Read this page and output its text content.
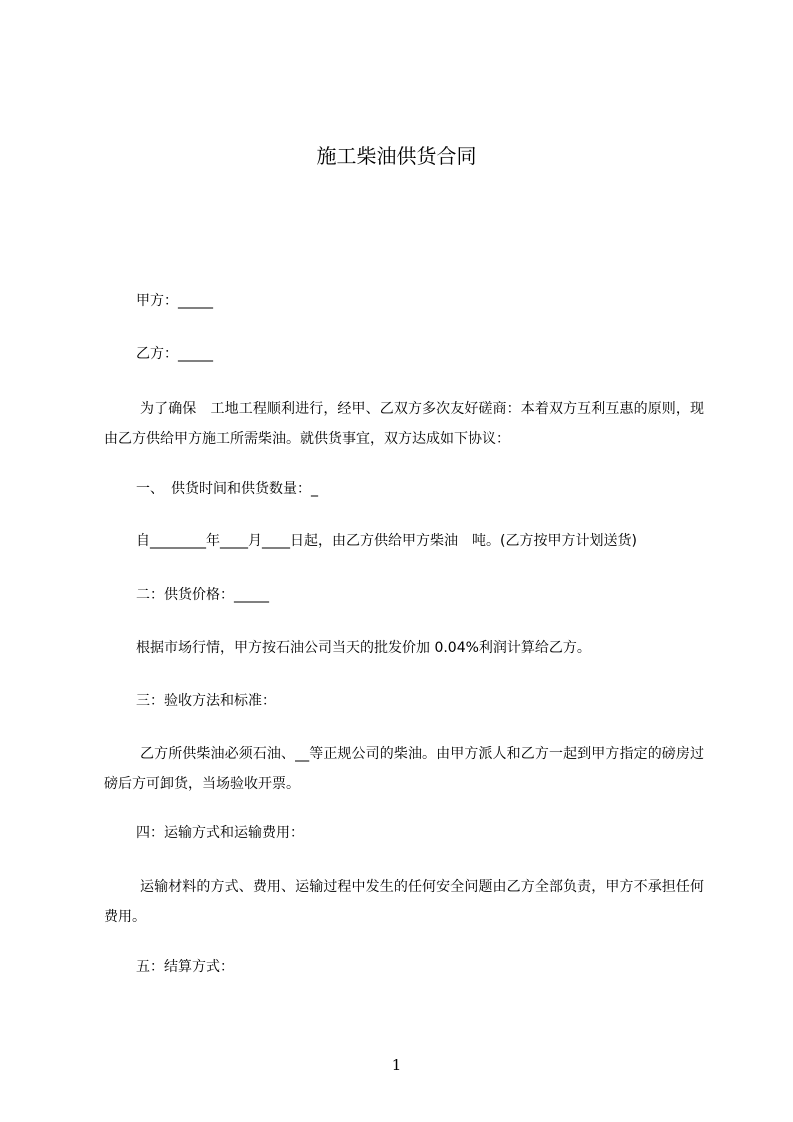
施工柴油供货合同
甲方：_____
乙方：_____
为了确保　工地工程顺利进行，经甲、乙双方多次友好磋商：本着双方互利互惠的原则，现由乙方供给甲方施工所需柴油。就供货事宜，双方达成如下协议：
一、　供货时间和供货数量：_
自________年____月____日起，由乙方供给甲方柴油　吨。(乙方按甲方计划送货)
二：供货价格：_____
根据市场行情，甲方按石油公司当天的批发价加 0.04%利润计算给乙方。
三：验收方法和标准：
乙方所供柴油必须石油、__等正规公司的柴油。由甲方派人和乙方一起到甲方指定的磅房过磅后方可卸货，当场验收开票。
四：运输方式和运输费用：
运输材料的方式、费用、运输过程中发生的任何安全问题由乙方全部负责，甲方不承担任何费用。
五：结算方式：
1
